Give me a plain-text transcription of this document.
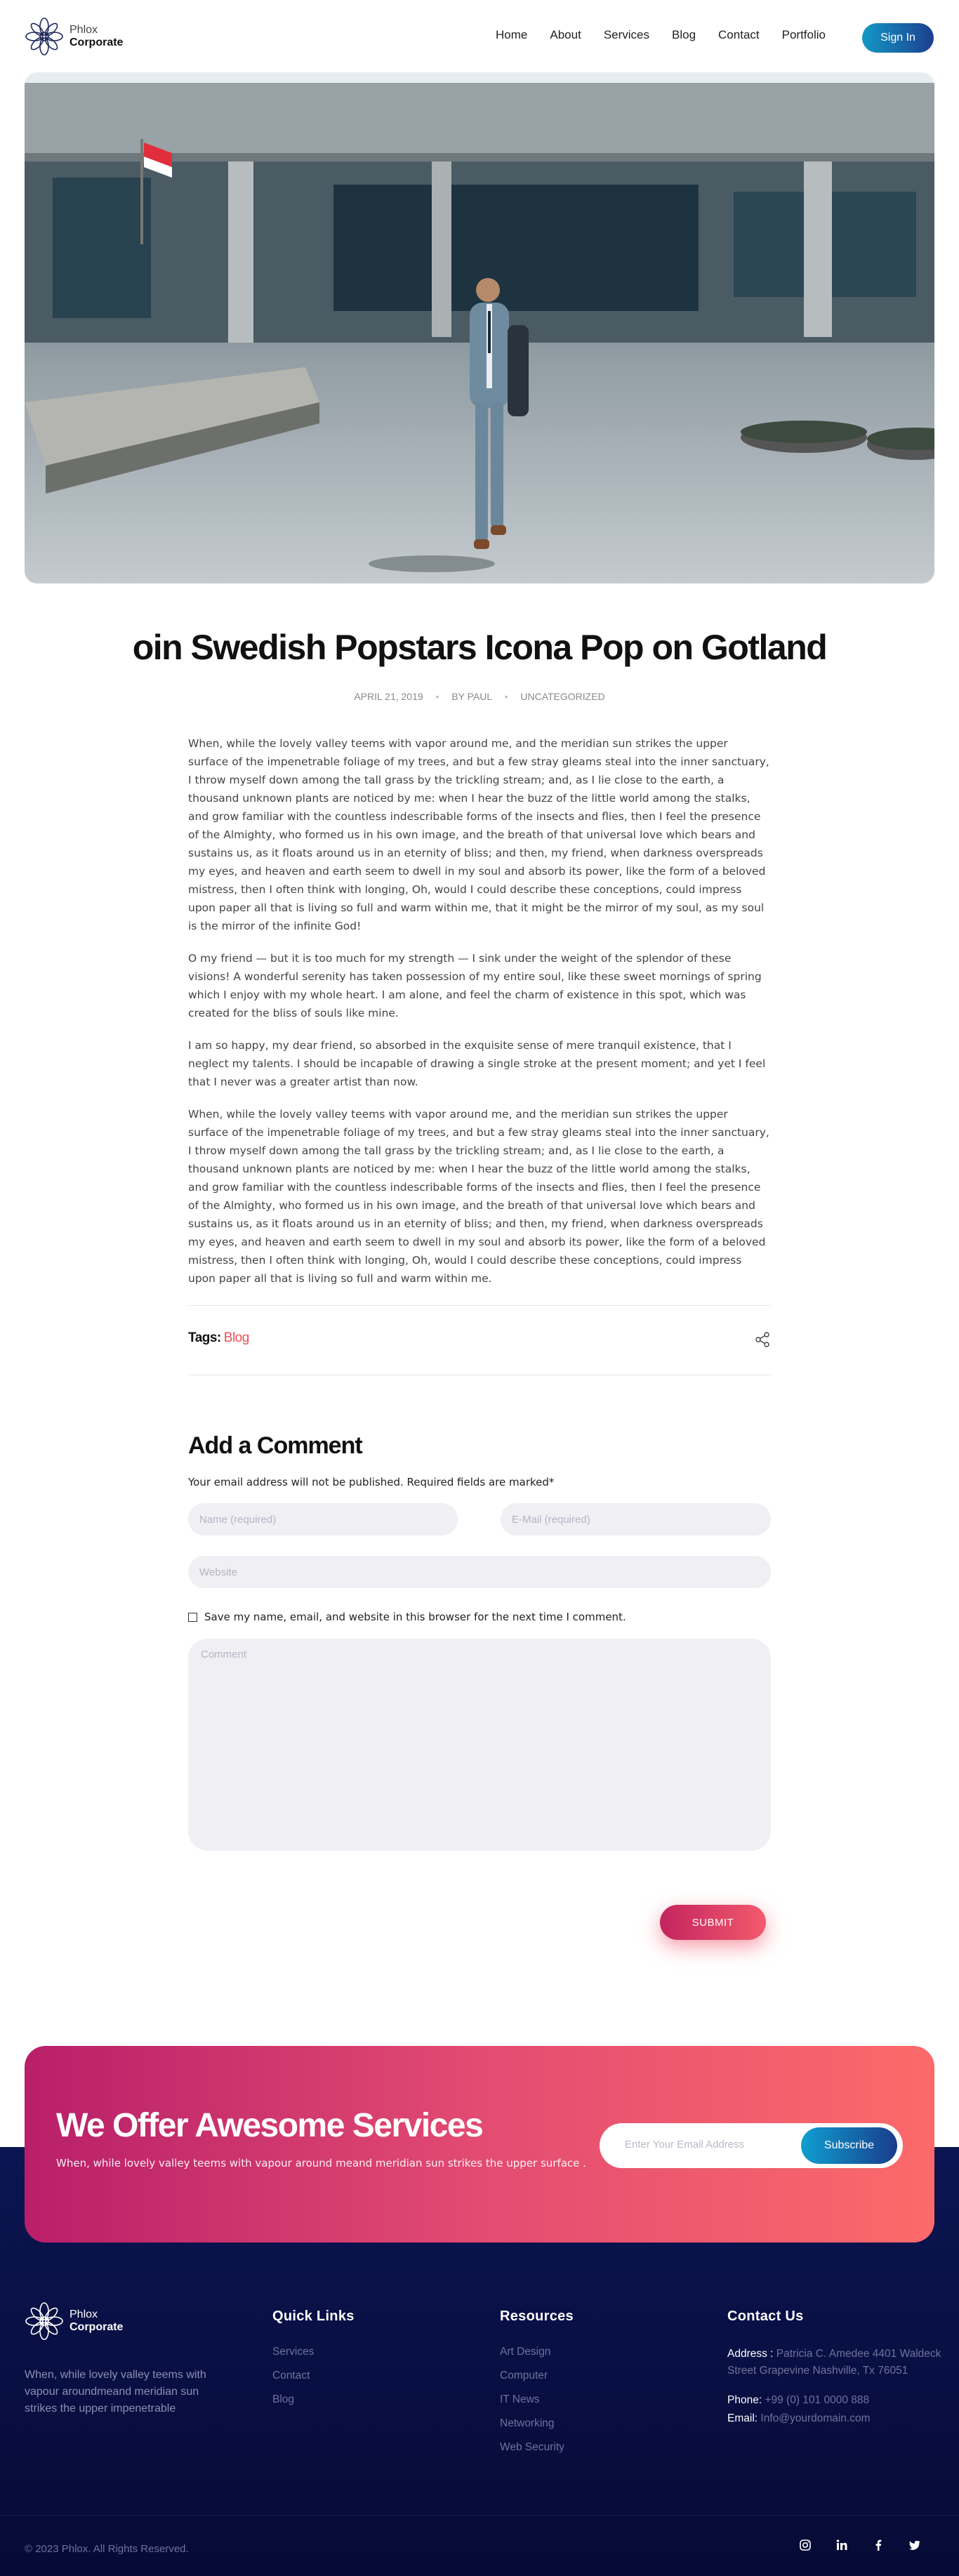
Phlox
Corporate
Home About Services Blog Contact Portfolio	Sign In
oin Swedish Popstars Icona Pop on Gotland
APRIL 21, 2019 • BY PAUL • UNCATEGORIZED

When, while the lovely valley teems with vapor around me, and the meridian sun strikes the upper surface of the impenetrable foliage of my trees, and but a few stray gleams steal into the inner sanctuary, I throw myself down among the tall grass by the trickling stream; and, as I lie close to the earth, a thousand unknown plants are noticed by me: when I hear the buzz of the little world among the stalks, and grow familiar with the countless indescribable forms of the insects and flies, then I feel the presence of the Almighty, who formed us in his own image, and the breath of that universal love which bears and sustains us, as it floats around us in an eternity of bliss; and then, my friend, when darkness overspreads my eyes, and heaven and earth seem to dwell in my soul and absorb its power, like the form of a beloved mistress, then I often think with longing, Oh, would I could describe these conceptions, could impress upon paper all that is living so full and warm within me, that it might be the mirror of my soul, as my soul is the mirror of the infinite God!

O my friend — but it is too much for my strength — I sink under the weight of the splendor of these visions! A wonderful serenity has taken possession of my entire soul, like these sweet mornings of spring which I enjoy with my whole heart. I am alone, and feel the charm of existence in this spot, which was created for the bliss of souls like mine.

I am so happy, my dear friend, so absorbed in the exquisite sense of mere tranquil existence, that I neglect my talents. I should be incapable of drawing a single stroke at the present moment; and yet I feel that I never was a greater artist than now.

When, while the lovely valley teems with vapor around me, and the meridian sun strikes the upper surface of the impenetrable foliage of my trees, and but a few stray gleams steal into the inner sanctuary, I throw myself down among the tall grass by the trickling stream; and, as I lie close to the earth, a thousand unknown plants are noticed by me: when I hear the buzz of the little world among the stalks, and grow familiar with the countless indescribable forms of the insects and flies, then I feel the presence of the Almighty, who formed us in his own image, and the breath of that universal love which bears and sustains us, as it floats around us in an eternity of bliss; and then, my friend, when darkness overspreads my eyes, and heaven and earth seem to dwell in my soul and absorb its power, like the form of a beloved mistress, then I often think with longing, Oh, would I could describe these conceptions, could impress upon paper all that is living so full and warm within me.

Tags: Blog
Add a Comment
Your email address will not be published. Required fields are marked*
Name (required)
E-Mail (required)
Website
Save my name, email, and website in this browser for the next time I comment.
Comment
SUBMIT
We Offer Awesome Services
When, while lovely valley teems with vapour around meand meridian sun strikes the upper surface .
Enter Your Email Address	Subscribe
Phlox
Corporate
When, while lovely valley teems with vapour aroundmeand meridian sun strikes the upper impenetrable
Quick Links
Services
Contact
Blog
Resources
Art Design
Computer
IT News
Networking
Web Security
Contact Us
Address : Patricia C. Amedee 4401 Waldeck Street Grapevine Nashville, Tx 76051
Phone: +99 (0) 101 0000 888
Email: Info@yourdomain.com
© 2023 Phlox. All Rights Reserved.
